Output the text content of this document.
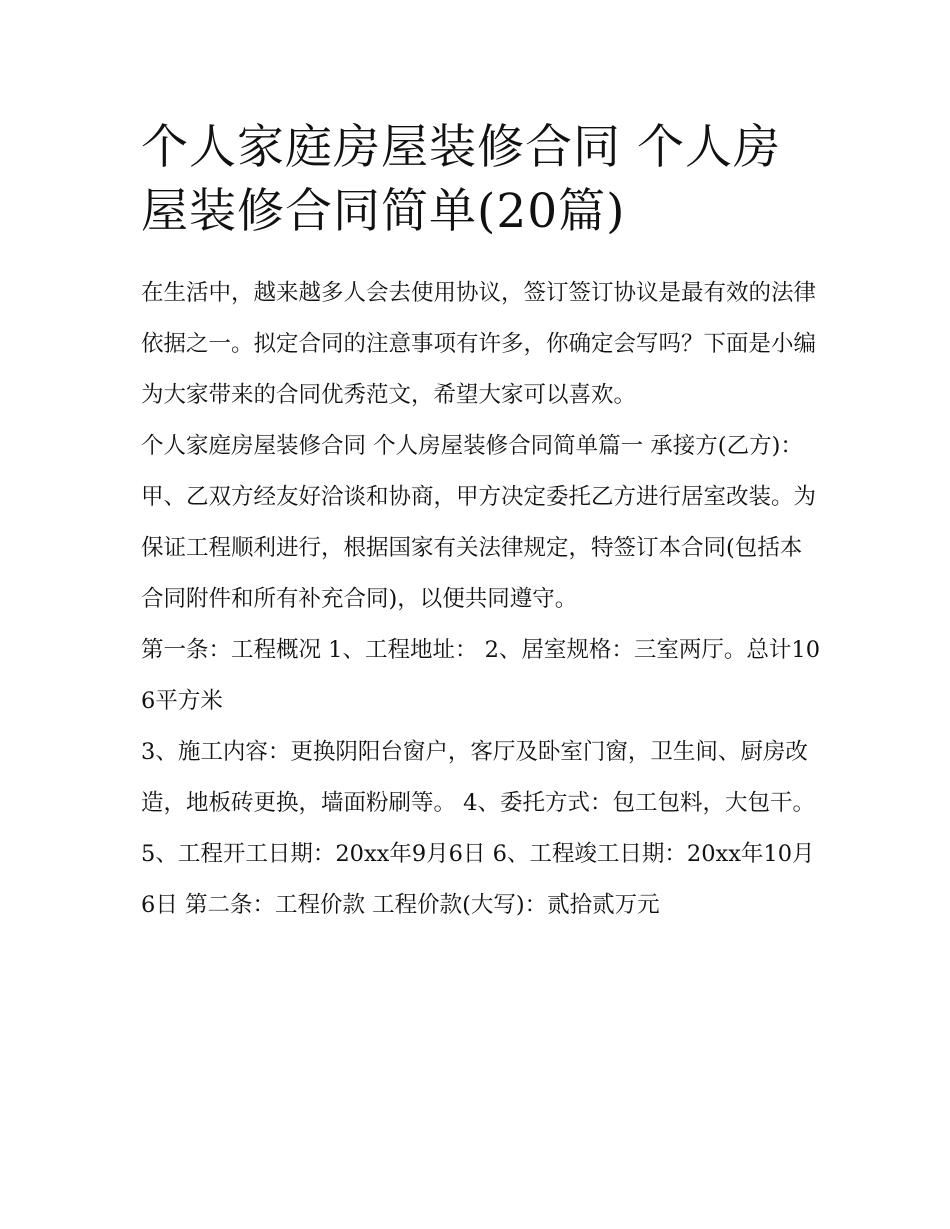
个人家庭房屋装修合同 个人房屋装修合同简单(20篇)

在生活中，越来越多人会去使用协议，签订签订协议是最有效的法律依据之一。拟定合同的注意事项有许多，你确定会写吗？下面是小编为大家带来的合同优秀范文，希望大家可以喜欢。

个人家庭房屋装修合同 个人房屋装修合同简单篇一 承接方(乙方)：

甲、乙双方经友好洽谈和协商，甲方决定委托乙方进行居室改装。为保证工程顺利进行，根据国家有关法律规定，特签订本合同(包括本合同附件和所有补充合同)，以便共同遵守。

第一条：工程概况 1、工程地址： 2、居室规格：三室两厅。总计106平方米

3、施工内容：更换阴阳台窗户，客厅及卧室门窗，卫生间、厨房改造，地板砖更换，墙面粉刷等。 4、委托方式：包工包料，大包干。

5、工程开工日期：20xx年9月6日 6、工程竣工日期：20xx年10月6日 第二条：工程价款 工程价款(大写)：贰拾贰万元
